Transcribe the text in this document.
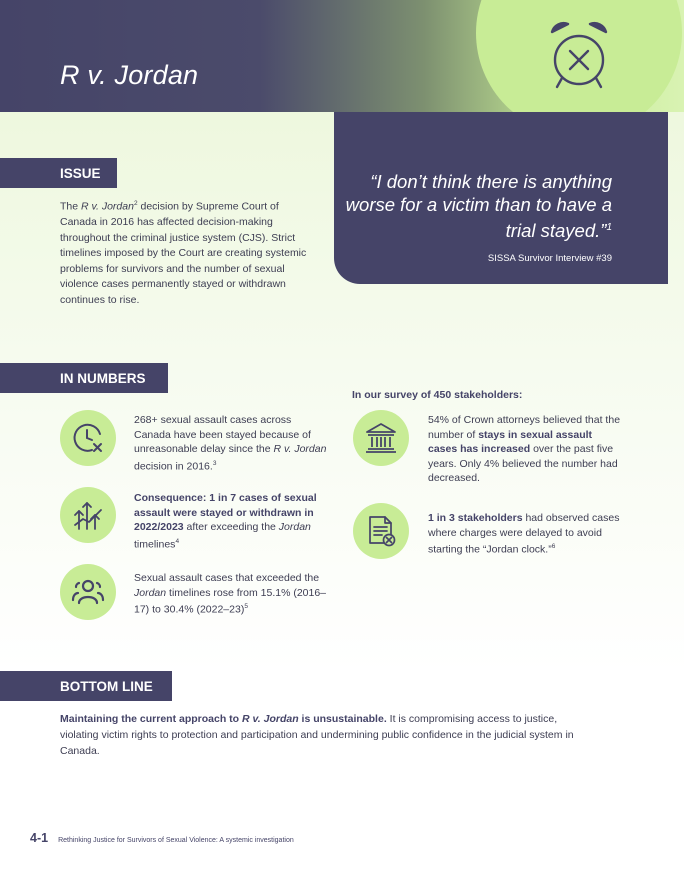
R v. Jordan
“I don’t think there is anything worse for a victim than to have a trial stayed.”$^1$
SISSA Survivor Interview #39
ISSUE
The R v. Jordan$^2$ decision by Supreme Court of Canada in 2016 has affected decision-making throughout the criminal justice system (CJS). Strict timelines imposed by the Court are creating systemic problems for survivors and the number of sexual violence cases permanently stayed or withdrawn continues to rise.
IN NUMBERS
268+ sexual assault cases across Canada have been stayed because of unreasonable delay since the R v. Jordan decision in 2016.$^3$
Consequence: 1 in 7 cases of sexual assault were stayed or withdrawn in 2022/2023 after exceeding the Jordan timelines$^4$
Sexual assault cases that exceeded the Jordan timelines rose from 15.1% (2016–17) to 30.4% (2022–23)$^5$
In our survey of 450 stakeholders:
54% of Crown attorneys believed that the number of stays in sexual assault cases has increased over the past five years. Only 4% believed the number had decreased.
1 in 3 stakeholders had observed cases where charges were delayed to avoid starting the “Jordan clock.”$^6$
BOTTOM LINE
Maintaining the current approach to R v. Jordan is unsustainable. It is compromising access to justice, violating victim rights to protection and participation and undermining public confidence in the judicial system in Canada.
4-1 Rethinking Justice for Survivors of Sexual Violence: A systemic investigation
